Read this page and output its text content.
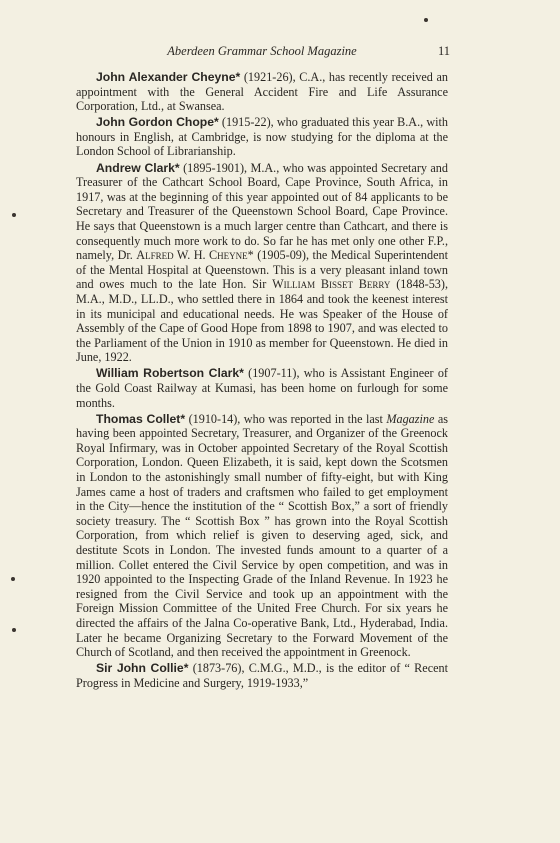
Aberdeen Grammar School Magazine	11

John Alexander Cheyne* (1921-26), C.A., has recently received an appointment with the General Accident Fire and Life Assurance Corporation, Ltd., at Swansea.

John Gordon Chope* (1915-22), who graduated this year B.A., with honours in English, at Cambridge, is now studying for the diploma at the London School of Librarianship.

Andrew Clark* (1895-1901), M.A., who was appointed Secretary and Treasurer of the Cathcart School Board, Cape Province, South Africa, in 1917, was at the beginning of this year appointed out of 84 applicants to be Secretary and Treasurer of the Queenstown School Board, Cape Province. He says that Queenstown is a much larger centre than Cathcart, and there is consequently much more work to do. So far he has met only one other F.P., namely, Dr. Alfred W. H. Cheyne* (1905-09), the Medical Superintendent of the Mental Hospital at Queenstown. This is a very pleasant inland town and owes much to the late Hon. Sir William Bisset Berry (1848-53), M.A., M.D., LL.D., who settled there in 1864 and took the keenest interest in its municipal and educational needs. He was Speaker of the House of Assembly of the Cape of Good Hope from 1898 to 1907, and was elected to the Parliament of the Union in 1910 as member for Queenstown. He died in June, 1922.

William Robertson Clark* (1907-11), who is Assistant Engineer of the Gold Coast Railway at Kumasi, has been home on furlough for some months.

Thomas Collet* (1910-14), who was reported in the last Magazine as having been appointed Secretary, Treasurer, and Organizer of the Greenock Royal Infirmary, was in October appointed Secretary of the Royal Scottish Corporation, London. Queen Elizabeth, it is said, kept down the Scotsmen in London to the astonishingly small number of fifty-eight, but with King James came a host of traders and craftsmen who failed to get employment in the City—hence the institution of the “ Scottish Box,” a sort of friendly society treasury. The “ Scottish Box ” has grown into the Royal Scottish Corporation, from which relief is given to deserving aged, sick, and destitute Scots in London. The invested funds amount to a quarter of a million. Collet entered the Civil Service by open competition, and was in 1920 appointed to the Inspecting Grade of the Inland Revenue. In 1923 he resigned from the Civil Service and took up an appointment with the Foreign Mission Committee of the United Free Church. For six years he directed the affairs of the Jalna Co-operative Bank, Ltd., Hyderabad, India. Later he became Organizing Secretary to the Forward Movement of the Church of Scotland, and then received the appointment in Greenock.

Sir John Collie* (1873-76), C.M.G., M.D., is the editor of “ Recent Progress in Medicine and Surgery, 1919-1933,”
